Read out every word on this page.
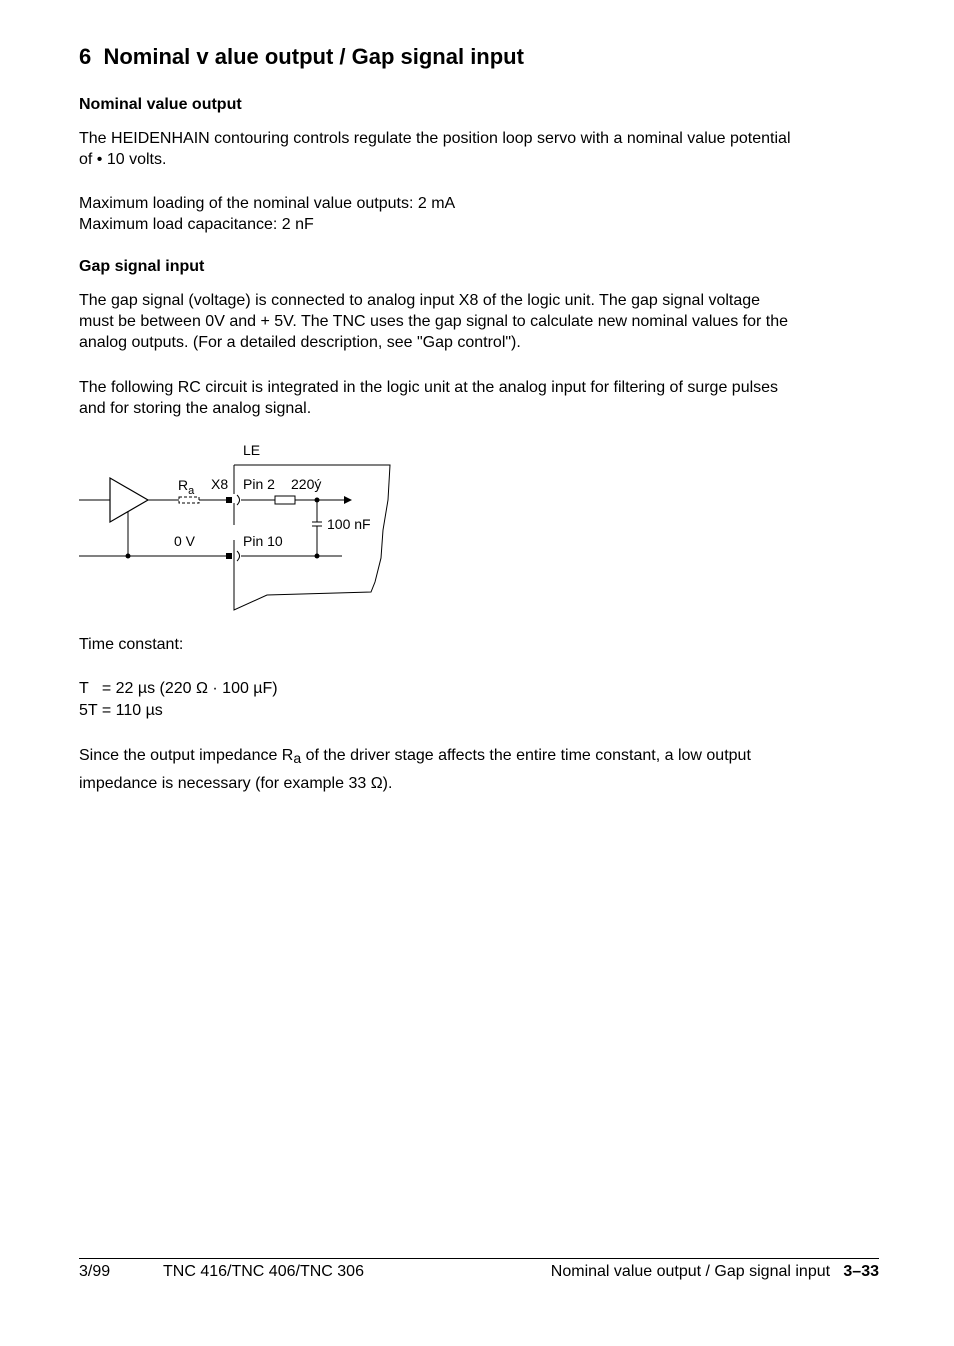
6 Nominal v alue output / Gap signal input
Nominal value output
The HEIDENHAIN contouring controls regulate the position loop servo with a nominal value potential
of • 10 volts.
Maximum loading of the nominal value outputs: 2 mA
Maximum load capacitance: 2 nF
Gap signal input
The gap signal (voltage) is connected to analog input X8 of the logic unit. The gap signal voltage
must be between 0V and + 5V. The TNC uses the gap signal to calculate new nominal values for the
analog outputs. (For a detailed description, see "Gap control").
The following RC circuit is integrated in the logic unit at the analog input for filtering of surge pulses
and for storing the analog signal.
LE
$R_a$ X8 Pin 2 220ý
100 nF
0 V	Pin 10
Time constant:
T   = 22 µs (220 Ω · 100 µF)
5T = 110 µs
Since the output impedance $R_a$ of the driver stage affects the entire time constant, a low output
impedance is necessary (for example 33 Ω).
3/99	TNC 416/TNC 406/TNC 306	Nominal value output / Gap signal input 3–33
